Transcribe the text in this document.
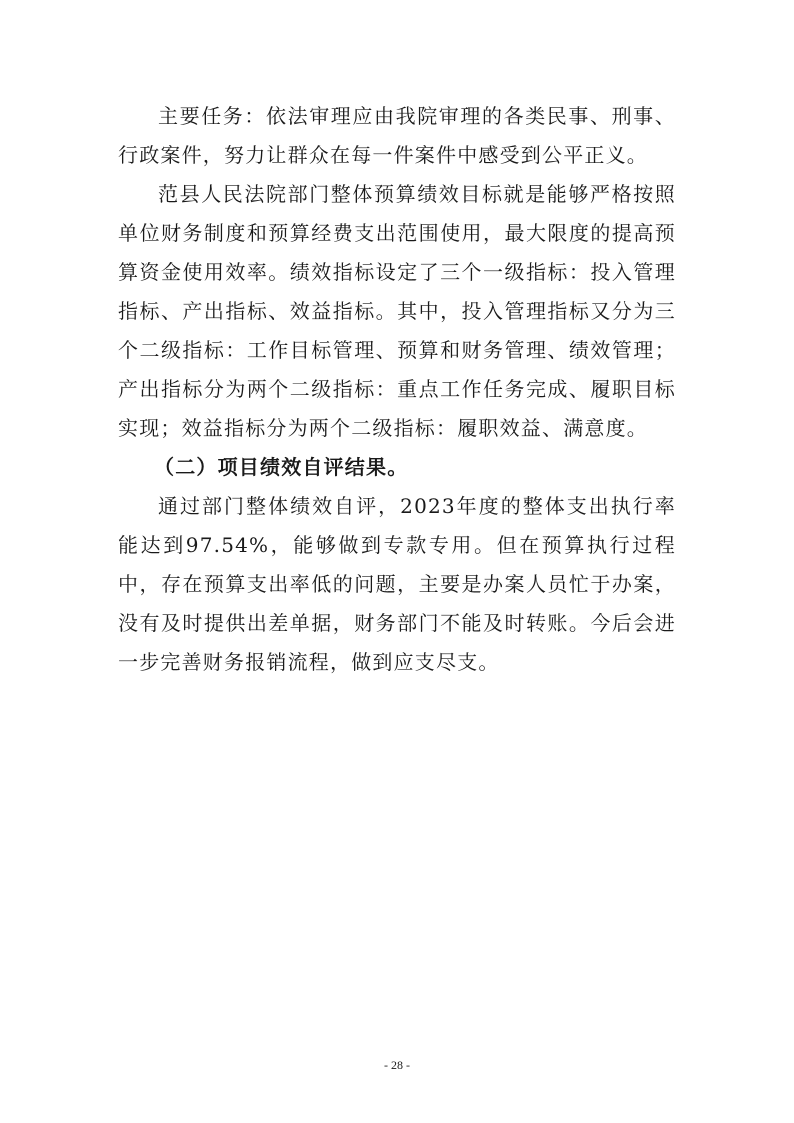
主要任务：依法审理应由我院审理的各类民事、刑事、行政案件，努力让群众在每一件案件中感受到公平正义。

范县人民法院部门整体预算绩效目标就是能够严格按照单位财务制度和预算经费支出范围使用，最大限度的提高预算资金使用效率。绩效指标设定了三个一级指标：投入管理指标、产出指标、效益指标。其中，投入管理指标又分为三个二级指标：工作目标管理、预算和财务管理、绩效管理；产出指标分为两个二级指标：重点工作任务完成、履职目标实现；效益指标分为两个二级指标：履职效益、满意度。

（二）项目绩效自评结果。

通过部门整体绩效自评，2023年度的整体支出执行率能达到97.54%，能够做到专款专用。但在预算执行过程中，存在预算支出率低的问题，主要是办案人员忙于办案，没有及时提供出差单据，财务部门不能及时转账。今后会进一步完善财务报销流程，做到应支尽支。

- 28 -
